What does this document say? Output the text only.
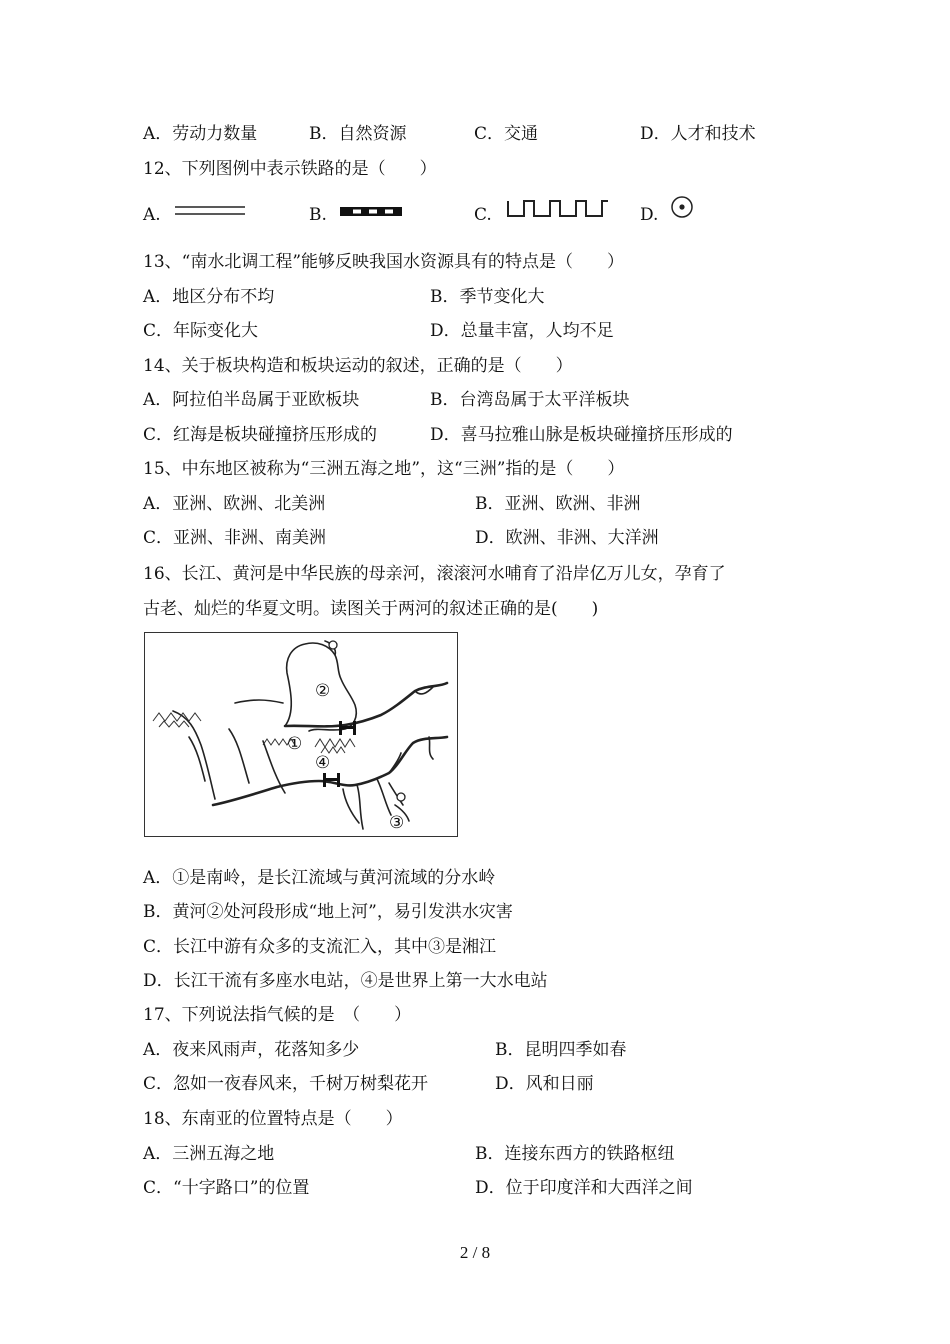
A．劳动力数量	B．自然资源	C．交通	D．人才和技术
12、下列图例中表示铁路的是（　　）
A.	B.	C.	D.
13、“南水北调工程”能够反映我国水资源具有的特点是（　　）
A．地区分布不均	B．季节变化大
C．年际变化大	D．总量丰富，人均不足
14、关于板块构造和板块运动的叙述，正确的是（　　）
A．阿拉伯半岛属于亚欧板块	B．台湾岛属于太平洋板块
C．红海是板块碰撞挤压形成的	D．喜马拉雅山脉是板块碰撞挤压形成的
15、中东地区被称为“三洲五海之地”，这“三洲”指的是（　　）
A．亚洲、欧洲、北美洲	B．亚洲、欧洲、非洲
C．亚洲、非洲、南美洲	D．欧洲、非洲、大洋洲
16、长江、黄河是中华民族的母亲河，滚滚河水哺育了沿岸亿万儿女，孕育了
古老、灿烂的华夏文明。读图关于两河的叙述正确的是(　　)
②
①
④
③
A．①是南岭，是长江流域与黄河流域的分水岭
B．黄河②处河段形成“地上河”，易引发洪水灾害
C．长江中游有众多的支流汇入，其中③是湘江
D．长江干流有多座水电站，④是世界上第一大水电站
17、下列说法指气候的是　（　　）
A．夜来风雨声，花落知多少	B．昆明四季如春
C．忽如一夜春风来，千树万树梨花开	D．风和日丽
18、东南亚的位置特点是（　　）
A．三洲五海之地	B．连接东西方的铁路枢纽
C．“十字路口”的位置	D．位于印度洋和大西洋之间
2 / 8
